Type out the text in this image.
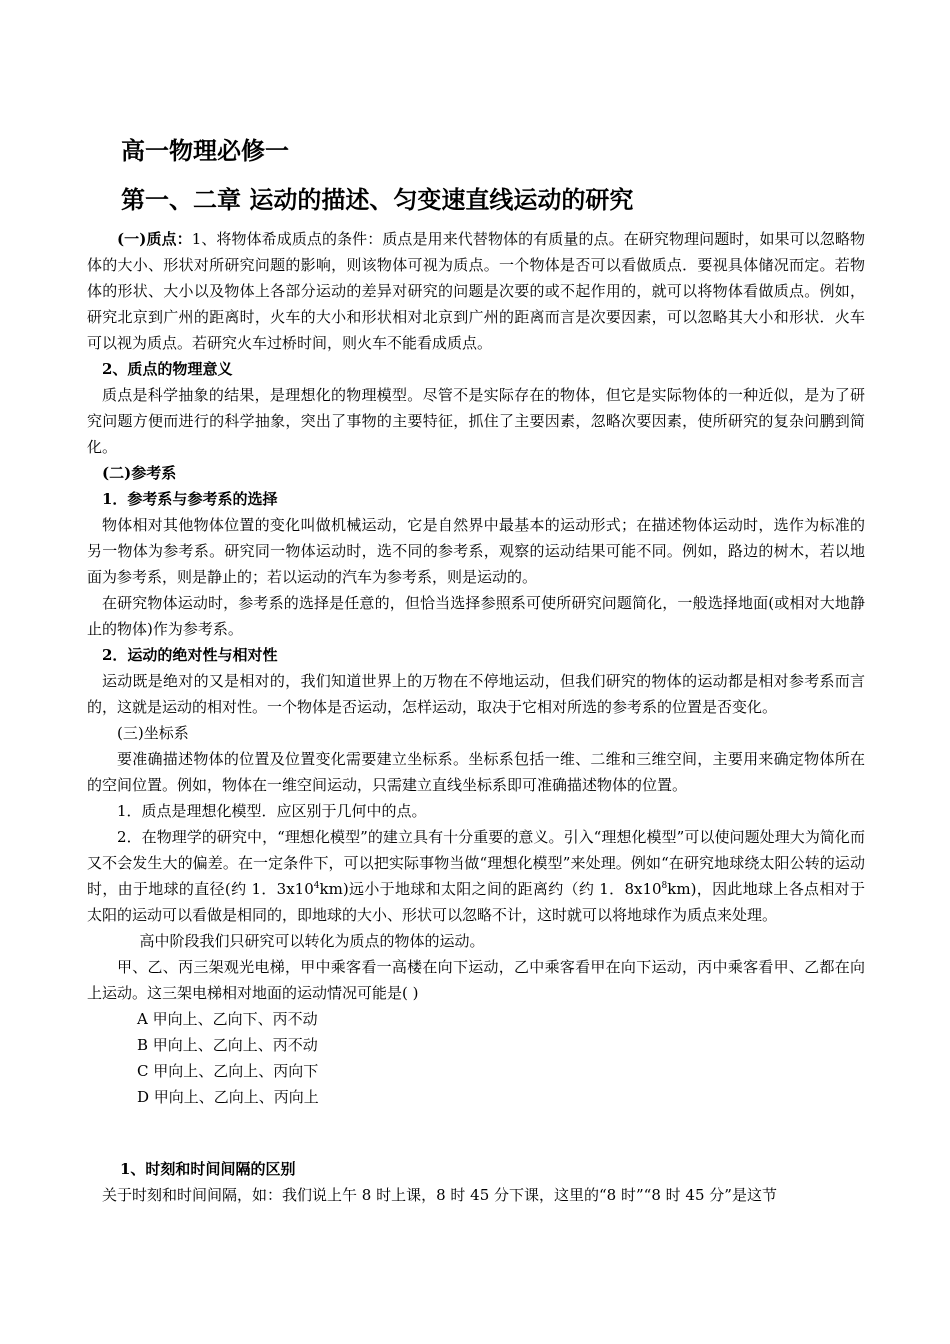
高一物理必修一
第一、二章 运动的描述、匀变速直线运动的研究

(一)质点：1、将物体希成质点的条件：质点是用来代替物体的有质量的点。在研究物理问题时，如果可以忽略物体的大小、形状对所研究问题的影响，则该物体可视为质点。一个物体是否可以看做质点．要视具体储况而定。若物体的形状、大小以及物体上各部分运动的差异对研究的问题是次要的或不起作用的，就可以将物体看做质点。例如，研究北京到广州的距离时，火车的大小和形状相对北京到广州的距离而言是次要因素，可以忽略其大小和形状．火车可以视为质点。若研究火车过桥时间，则火车不能看成质点。

2、质点的物理意义

质点是科学抽象的结果，是理想化的物理模型。尽管不是实际存在的物体，但它是实际物体的一种近似，是为了研究问题方便而进行的科学抽象，突出了事物的主要特征，抓住了主要因素，忽略次要因素，使所研究的复杂问鹏到简化。

(二)参考系

1．参考系与参考系的选择

物体相对其他物体位置的变化叫做机械运动，它是自然界中最基本的运动形式；在描述物体运动时，选作为标准的另一物体为参考系。研究同一物体运动时，选不同的参考系，观察的运动结果可能不同。例如，路边的树木，若以地面为参考系，则是静止的；若以运动的汽车为参考系，则是运动的。

在研究物体运动时，参考系的选择是任意的，但恰当选择参照系可使所研究问题简化，一般选择地面(或相对大地静止的物体)作为参考系。

2．运动的绝对性与相对性

运动既是绝对的又是相对的，我们知道世界上的万物在不停地运动，但我们研究的物体的运动都是相对参考系而言的，这就是运动的相对性。一个物体是否运动，怎样运动，取决于它相对所选的参考系的位置是否变化。

(三)坐标系

要准确描述物体的位置及位置变化需要建立坐标系。坐标系包括一维、二维和三维空间，主要用来确定物体所在的空间位置。例如，物体在一维空间运动，只需建立直线坐标系即可准确描述物体的位置。

1．质点是理想化模型．应区别于几何中的点。

2．在物理学的研究中，“理想化模型”的建立具有十分重要的意义。引入“理想化模型”可以使问题处理大为简化而又不会发生大的偏差。在一定条件下，可以把实际事物当做“理想化模型”来处理。例如“在研究地球绕太阳公转的运动时，由于地球的直径(约 1．$3x10^4km$)远小于地球和太阳之间的距离约（约 1．$8x10^8km$)，因此地球上各点相对于太阳的运动可以看做是相同的，即地球的大小、形状可以忽略不计，这时就可以将地球作为质点来处理。

高中阶段我们只研究可以转化为质点的物体的运动。

甲、乙、丙三架观光电梯，甲中乘客看一高楼在向下运动，乙中乘客看甲在向下运动，丙中乘客看甲、乙都在向上运动。这三架电梯相对地面的运动情况可能是( )

A 甲向上、乙向下、丙不动

B 甲向上、乙向上、丙不动

C 甲向上、乙向上、丙向下

D 甲向上、乙向上、丙向上

1、时刻和时间间隔的区别

关于时刻和时间间隔，如：我们说上午 8 时上课，8 时 45 分下课，这里的“8 时”“8 时 45 分”是这节
